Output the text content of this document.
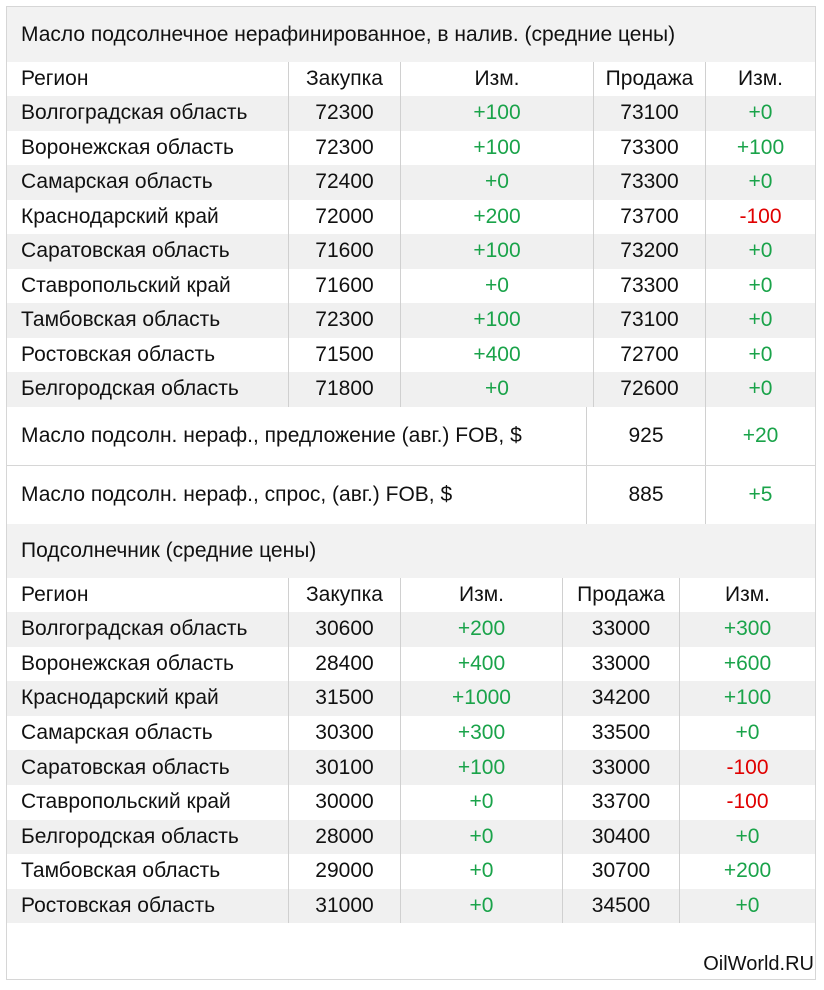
Масло подсолнечное нерафинированное, в налив. (средние цены)
Регион	Закупка	Изм.	Продажа	Изм.
Волгоградская область	72300	+100	73100	+0
Воронежская область	72300	+100	73300	+100
Самарская область	72400	+0	73300	+0
Краснодарский край	72000	+200	73700	-100
Саратовская область	71600	+100	73200	+0
Ставропольский край	71600	+0	73300	+0
Тамбовская область	72300	+100	73100	+0
Ростовская область	71500	+400	72700	+0
Белгородская область	71800	+0	72600	+0
Масло подсолн. нераф., предложение (авг.) FOB, $	925	+20
Масло подсолн. нераф., спрос, (авг.) FOB, $	885	+5
Подсолнечник (средние цены)
Регион	Закупка	Изм.	Продажа	Изм.
Волгоградская область	30600	+200	33000	+300
Воронежская область	28400	+400	33000	+600
Краснодарский край	31500	+1000	34200	+100
Самарская область	30300	+300	33500	+0
Саратовская область	30100	+100	33000	-100
Ставропольский край	30000	+0	33700	-100
Белгородская область	28000	+0	30400	+0
Тамбовская область	29000	+0	30700	+200
Ростовская область	31000	+0	34500	+0
OilWorld.RU
